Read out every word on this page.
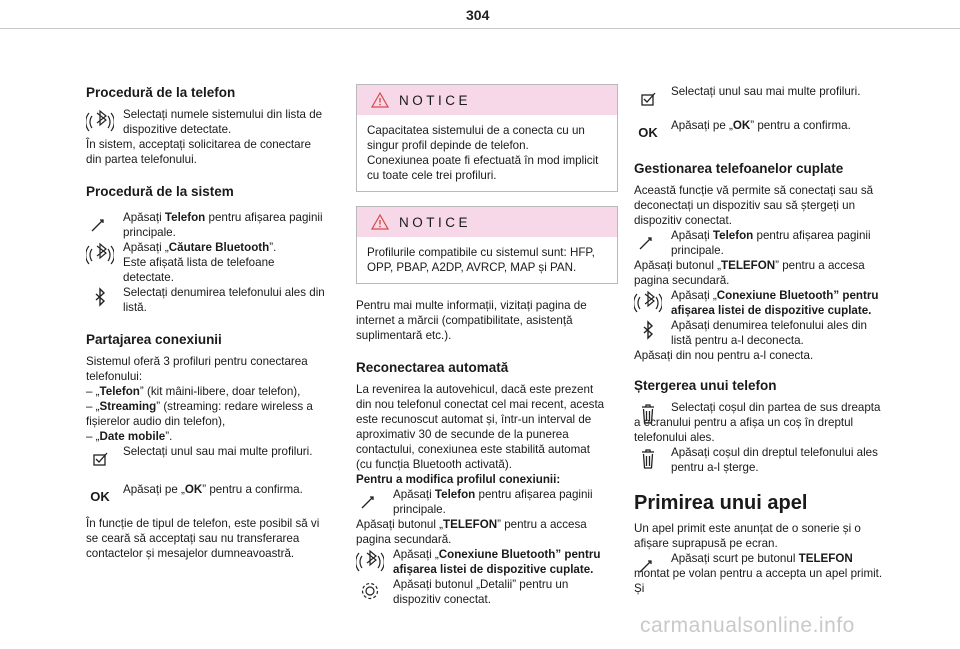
304
Procedură de la telefon

Selectați numele sistemului din lista de dispozitive detectate.

În sistem, acceptați solicitarea de conectare din partea telefonului.

Procedură de la sistem

Apăsați Telefon pentru afișarea paginii principale.

Apăsați „Căutare Bluetooth”.
Este afișată lista de telefoane detectate.

Selectați denumirea telefonului ales din listă.

Partajarea conexiunii

Sistemul oferă 3 profiluri pentru conectarea telefonului:

– „Telefon” (kit mâini-libere, doar telefon),

– „Streaming” (streaming: redare wireless a fișierelor audio din telefon),

– „Date mobile”.

Selectați unul sau mai multe profiluri.

OK	Apăsați pe „OK” pentru a confirma.

În funcție de tipul de telefon, este posibil să vi se ceară să acceptați sau nu transferarea contactelor și mesajelor dumneavoastră.

NOTICE
Capacitatea sistemului de a conecta cu un singur profil depinde de telefon.
Conexiunea poate fi efectuată în mod implicit cu toate cele trei profiluri.
NOTICE
Profilurile compatibile cu sistemul sunt: HFP, OPP, PBAP, A2DP, AVRCP, MAP și PAN.

Pentru mai multe informații, vizitați pagina de internet a mărcii (compatibilitate, asistență suplimentară etc.).

Reconectarea automată

La revenirea la autovehicul, dacă este prezent din nou telefonul conectat cel mai recent, acesta este recunoscut automat și, într-un interval de aproximativ 30 de secunde de la punerea contactului, conexiunea este stabilită automat (cu funcția Bluetooth activată).

Pentru a modifica profilul conexiunii:

Apăsați Telefon pentru afișarea paginii principale.

Apăsați butonul „TELEFON” pentru a accesa pagina secundară.

Apăsați „Conexiune Bluetooth” pentru afișarea listei de dispozitive cuplate.

Apăsați butonul „Detalii” pentru un dispozitiv conectat.

Selectați unul sau mai multe profiluri.

OK	Apăsați pe „OK” pentru a confirma.

Gestionarea telefoanelor cuplate

Această funcție vă permite să conectați sau să deconectați un dispozitiv sau să ștergeți un dispozitiv conectat.

Apăsați Telefon pentru afișarea paginii principale.

Apăsați butonul „TELEFON” pentru a accesa pagina secundară.

Apăsați „Conexiune Bluetooth” pentru afișarea listei de dispozitive cuplate.

Apăsați denumirea telefonului ales din listă pentru a-l deconecta.

Apăsați din nou pentru a-l conecta.

Ștergerea unui telefon

Selectați coșul din partea de sus dreapta a ecranului pentru a afișa un coș în dreptul telefonului ales.

Apăsați coșul din dreptul telefonului ales pentru a-l șterge.

Primirea unui apel

Un apel primit este anunțat de o sonerie și o afișare suprapusă pe ecran.

Apăsați scurt pe butonul TELEFON montat pe volan pentru a accepta un apel primit.

Și

carmanualsonline.info
